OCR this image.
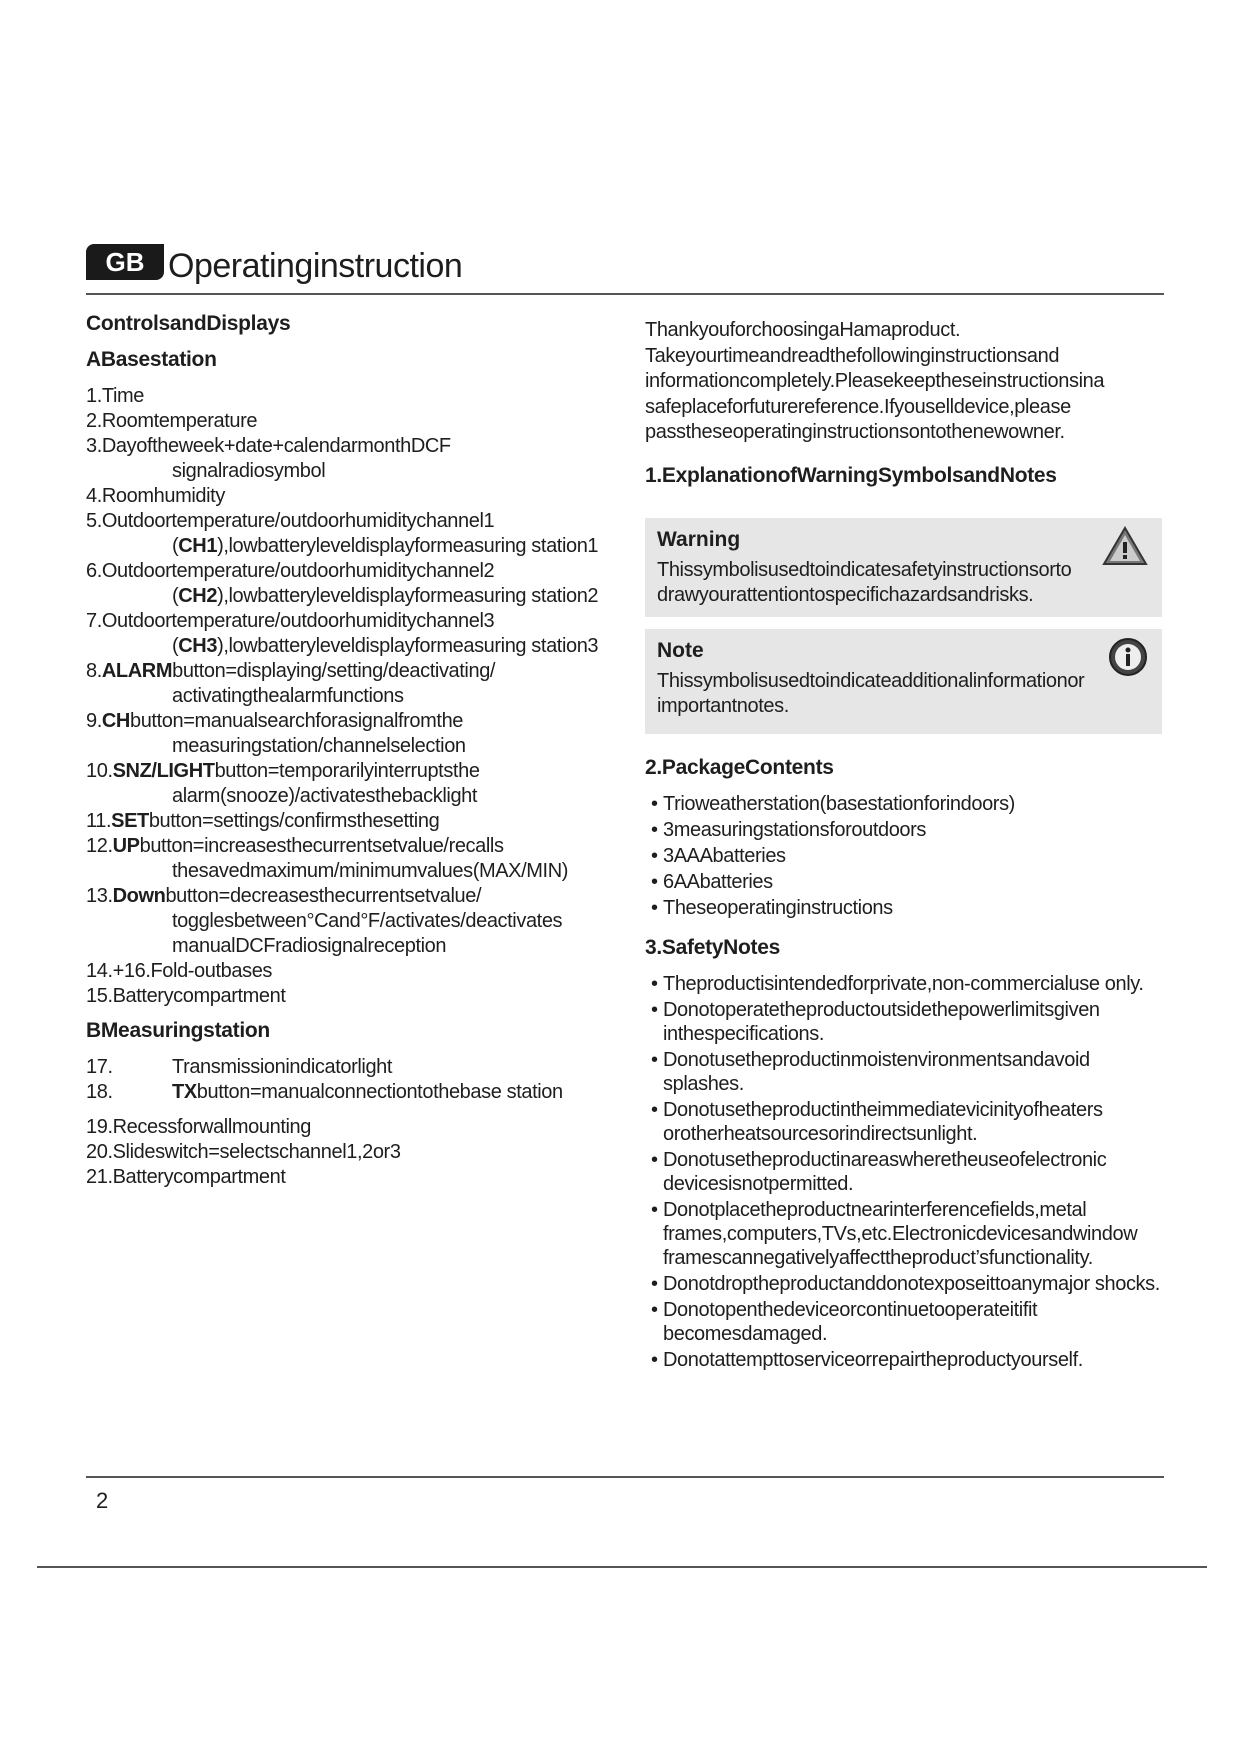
GB Operatinginstruction
ControlsandDisplays
ABasestation
1.Time
2.Roomtemperature
3.Dayoftheweek+date+calendarmonthDCF signalradiosymbol
4.Roomhumidity
5.Outdoortemperature/outdoorhumiditychannel1 (CH1),lowbatteryleveldisplayformeasuring station1
6.Outdoortemperature/outdoorhumiditychannel2 (CH2),lowbatteryleveldisplayformeasuring station2
7.Outdoortemperature/outdoorhumiditychannel3 (CH3),lowbatteryleveldisplayformeasuring station3
8.ALARMbutton=displaying/setting/deactivating/ activatingthealarmfunctions
9.CHbutton=manualsearchforasignalfromthe measuringstation/channelselection
10.SNZ/LIGHTbutton=temporarilyinterruptsthe alarm(snooze)/activatesthebacklight
11.SETbutton=settings/confirmsthesetting
12.UPbutton=increasesthecurrentsetvalue/recalls thesavedmaximum/minimumvalues(MAX/MIN)
13.Downbutton=decreasesthecurrentsetvalue/ togglesbetween°Cand°F/activates/deactivates manualDCFradiosignalreception
14.+16.Fold-outbases
15.Batterycompartment
BMeasuringstation
17.	Transmissionindicatorlight
18.	TXbutton=manualconnectiontothebase station
19.Recessforwallmounting
20.Slideswitch=selectschannel1,2or3
21.Batterycompartment

ThankyouforchoosingaHamaproduct. Takeyourtimeandreadthefollowinginstructionsand informationcompletely.Pleasekeeptheseinstructionsina safeplaceforfuturereference.Ifyouselldevice,please passtheseoperatinginstructionsontothenewowner.

1.ExplanationofWarningSymbolsandNotes
Warning
Thissymbolisusedtoindicatesafetyinstructionsorto drawyourattentiontospecifichazardsandrisks.
Note
Thissymbolisusedtoindicateadditionalinformationor importantnotes.
2.PackageContents
• Trioweatherstation(basestationforindoors)
• 3measuringstationsforoutdoors
• 3AAAbatteries
• 6AAbatteries
• Theseoperatinginstructions
3.SafetyNotes
• Theproductisintendedforprivate,non-commercialuse only.
• Donotoperatetheproductoutsidethepowerlimitsgiven inthespecifications.
• Donotusetheproductinmoistenvironmentsandavoid splashes.
• Donotusetheproductintheimmediatevicinityofheaters orotherheatsourcesorindirectsunlight.
• Donotusetheproductinareaswheretheuseofelectronic devicesisnotpermitted.
• Donotplacetheproductnearinterferencefields,metal frames,computers,TVs,etc.Electronicdevicesandwindow framescannegativelyaffecttheproduct’sfunctionality.
• Donotdroptheproductanddonotexposeittoanymajor shocks.
• Donotopenthedeviceorcontinuetooperateitifit becomesdamaged.
• Donotattempttoserviceorrepairtheproductyourself.
2
